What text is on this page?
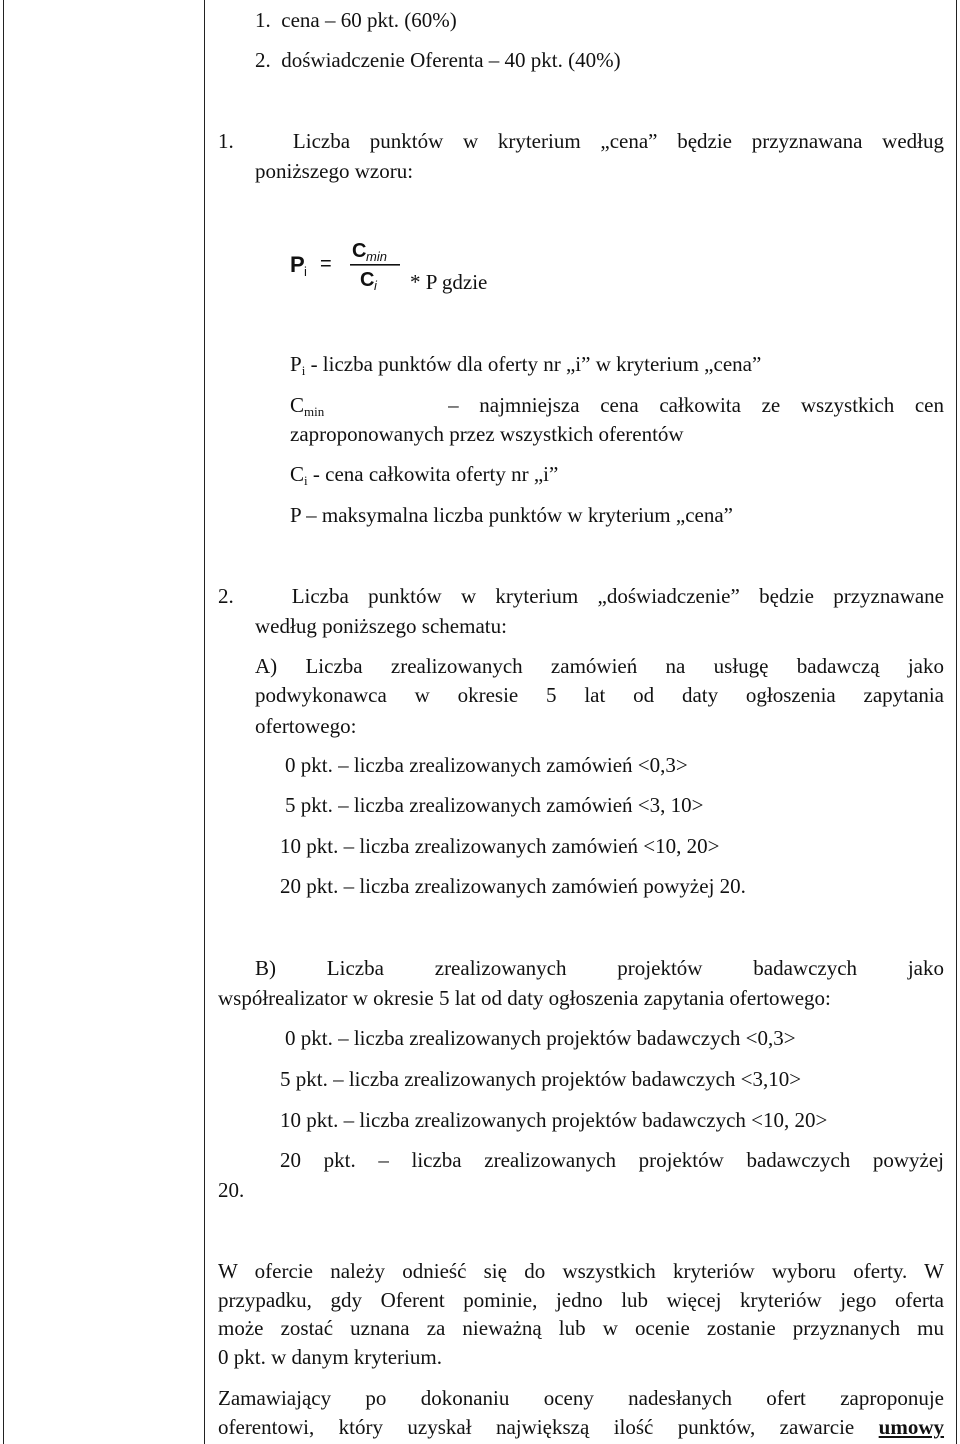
1. cena – 60 pkt. (60%)
2. doświadczenie Oferenta – 40 pkt. (40%)
1.	Liczba punktów w kryterium „cena” będzie przyznawana według
poniższego wzoru:
P i =
C min
C i * P gdzie
Pi - liczba punktów dla oferty nr „i” w kryterium „cena”
Cmin	– najmniejsza cena całkowita ze wszystkich cen
zaproponowanych przez wszystkich oferentów
Ci - cena całkowita oferty nr „i”
P – maksymalna liczba punktów w kryterium „cena”
2.	Liczba punktów w kryterium „doświadczenie” będzie przyznawane
według poniższego schematu:
A) Liczba zrealizowanych zamówień na usługę badawczą jako
podwykonawca w okresie 5 lat od daty ogłoszenia zapytania
ofertowego:
0 pkt. – liczba zrealizowanych zamówień <0,3>
5 pkt. – liczba zrealizowanych zamówień <3, 10>
10 pkt. – liczba zrealizowanych zamówień <10, 20>
20 pkt. – liczba zrealizowanych zamówień powyżej 20.
B) Liczba zrealizowanych projektów badawczych jako
współrealizator w okresie 5 lat od daty ogłoszenia zapytania ofertowego:
0 pkt. – liczba zrealizowanych projektów badawczych <0,3>
5 pkt. – liczba zrealizowanych projektów badawczych <3,10>
10 pkt. – liczba zrealizowanych projektów badawczych <10, 20>
20 pkt. – liczba zrealizowanych projektów badawczych powyżej
20.
W ofercie należy odnieść się do wszystkich kryteriów wyboru oferty. W
przypadku, gdy Oferent pominie, jedno lub więcej kryteriów jego oferta
może zostać uznana za nieważną lub w ocenie zostanie przyznanych mu
0 pkt. w danym kryterium.
Zamawiający po dokonaniu oceny nadesłanych ofert zaproponuje
oferentowi, który uzyskał największą ilość punktów, zawarcie umowy
